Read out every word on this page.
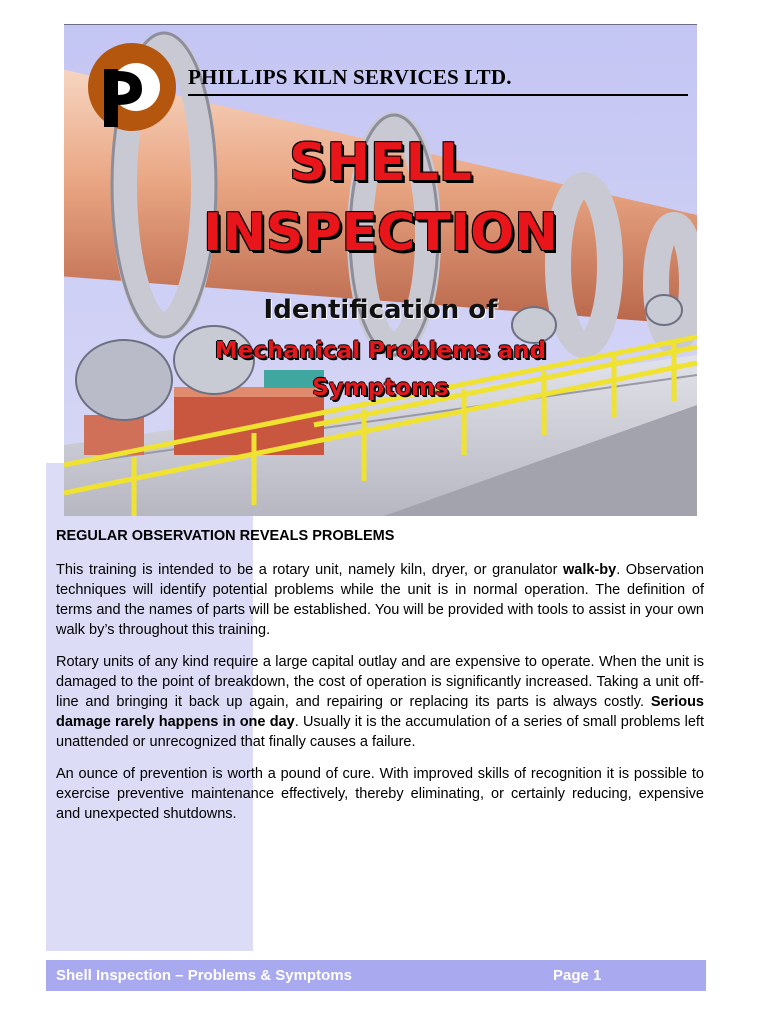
PHILLIPS KILN SERVICES LTD.
SHELL
INSPECTION
Identification of
Mechanical Problems and
Symptoms

REGULAR OBSERVATION REVEALS PROBLEMS

This training is intended to be a rotary unit, namely kiln, dryer, or granulator walk-by. Observation techniques will identify potential problems while the unit is in normal operation. The definition of terms and the names of parts will be established. You will be provided with tools to assist in your own walk by’s throughout this training.

Rotary units of any kind require a large capital outlay and are expensive to operate. When the unit is damaged to the point of breakdown, the cost of operation is significantly increased. Taking a unit off-line and bringing it back up again, and repairing or replacing its parts is always costly. Serious damage rarely happens in one day. Usually it is the accumulation of a series of small problems left unattended or unrecognized that finally causes a failure.

An ounce of prevention is worth a pound of cure. With improved skills of recognition it is possible to exercise preventive maintenance effectively, thereby eliminating, or certainly reducing, expensive and unexpected shutdowns.

Shell Inspection – Problems & Symptoms	Page 1
